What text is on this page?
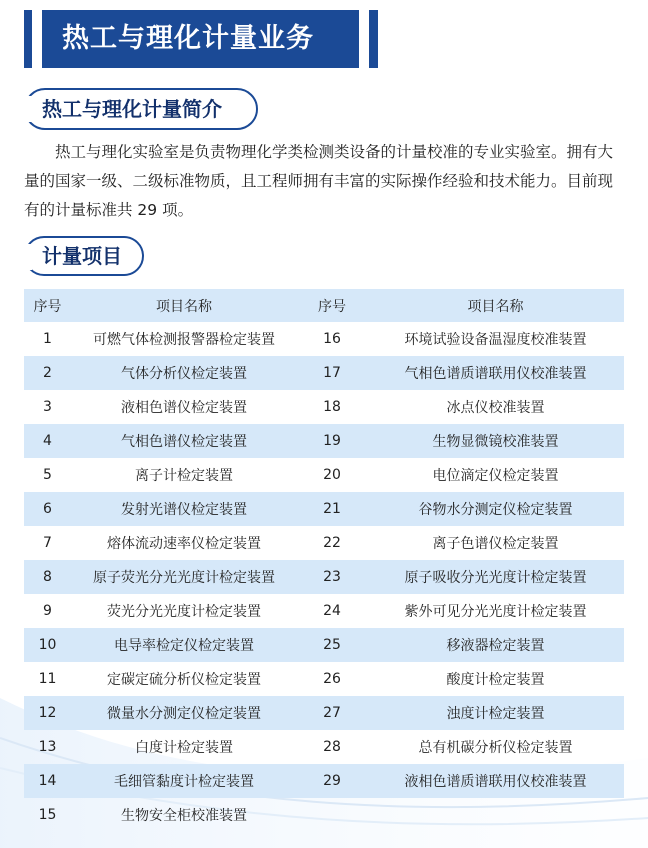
热工与理化计量业务
热工与理化计量简介

热工与理化实验室是负责物理化学类检测类设备的计量校准的专业实验室。拥有大量的国家一级、二级标准物质，且工程师拥有丰富的实际操作经验和技术能力。目前现有的计量标准共 29 项。

计量项目
序号	项目名称	序号	项目名称
1	可燃气体检测报警器检定装置	16	环境试验设备温湿度校准装置
2	气体分析仪检定装置	17	气相色谱质谱联用仪校准装置
3	液相色谱仪检定装置	18	冰点仪校准装置
4	气相色谱仪检定装置	19	生物显微镜校准装置
5	离子计检定装置	20	电位滴定仪检定装置
6	发射光谱仪检定装置	21	谷物水分测定仪检定装置
7	熔体流动速率仪检定装置	22	离子色谱仪检定装置
8	原子荧光分光光度计检定装置	23	原子吸收分光光度计检定装置
9	荧光分光光度计检定装置	24	紫外可见分光光度计检定装置
10	电导率检定仪检定装置	25	移液器检定装置
11	定碳定硫分析仪检定装置	26	酸度计检定装置
12	微量水分测定仪检定装置	27	浊度计检定装置
13	白度计检定装置	28	总有机碳分析仪检定装置
14	毛细管黏度计检定装置	29	液相色谱质谱联用仪校准装置
15	生物安全柜校准装置
